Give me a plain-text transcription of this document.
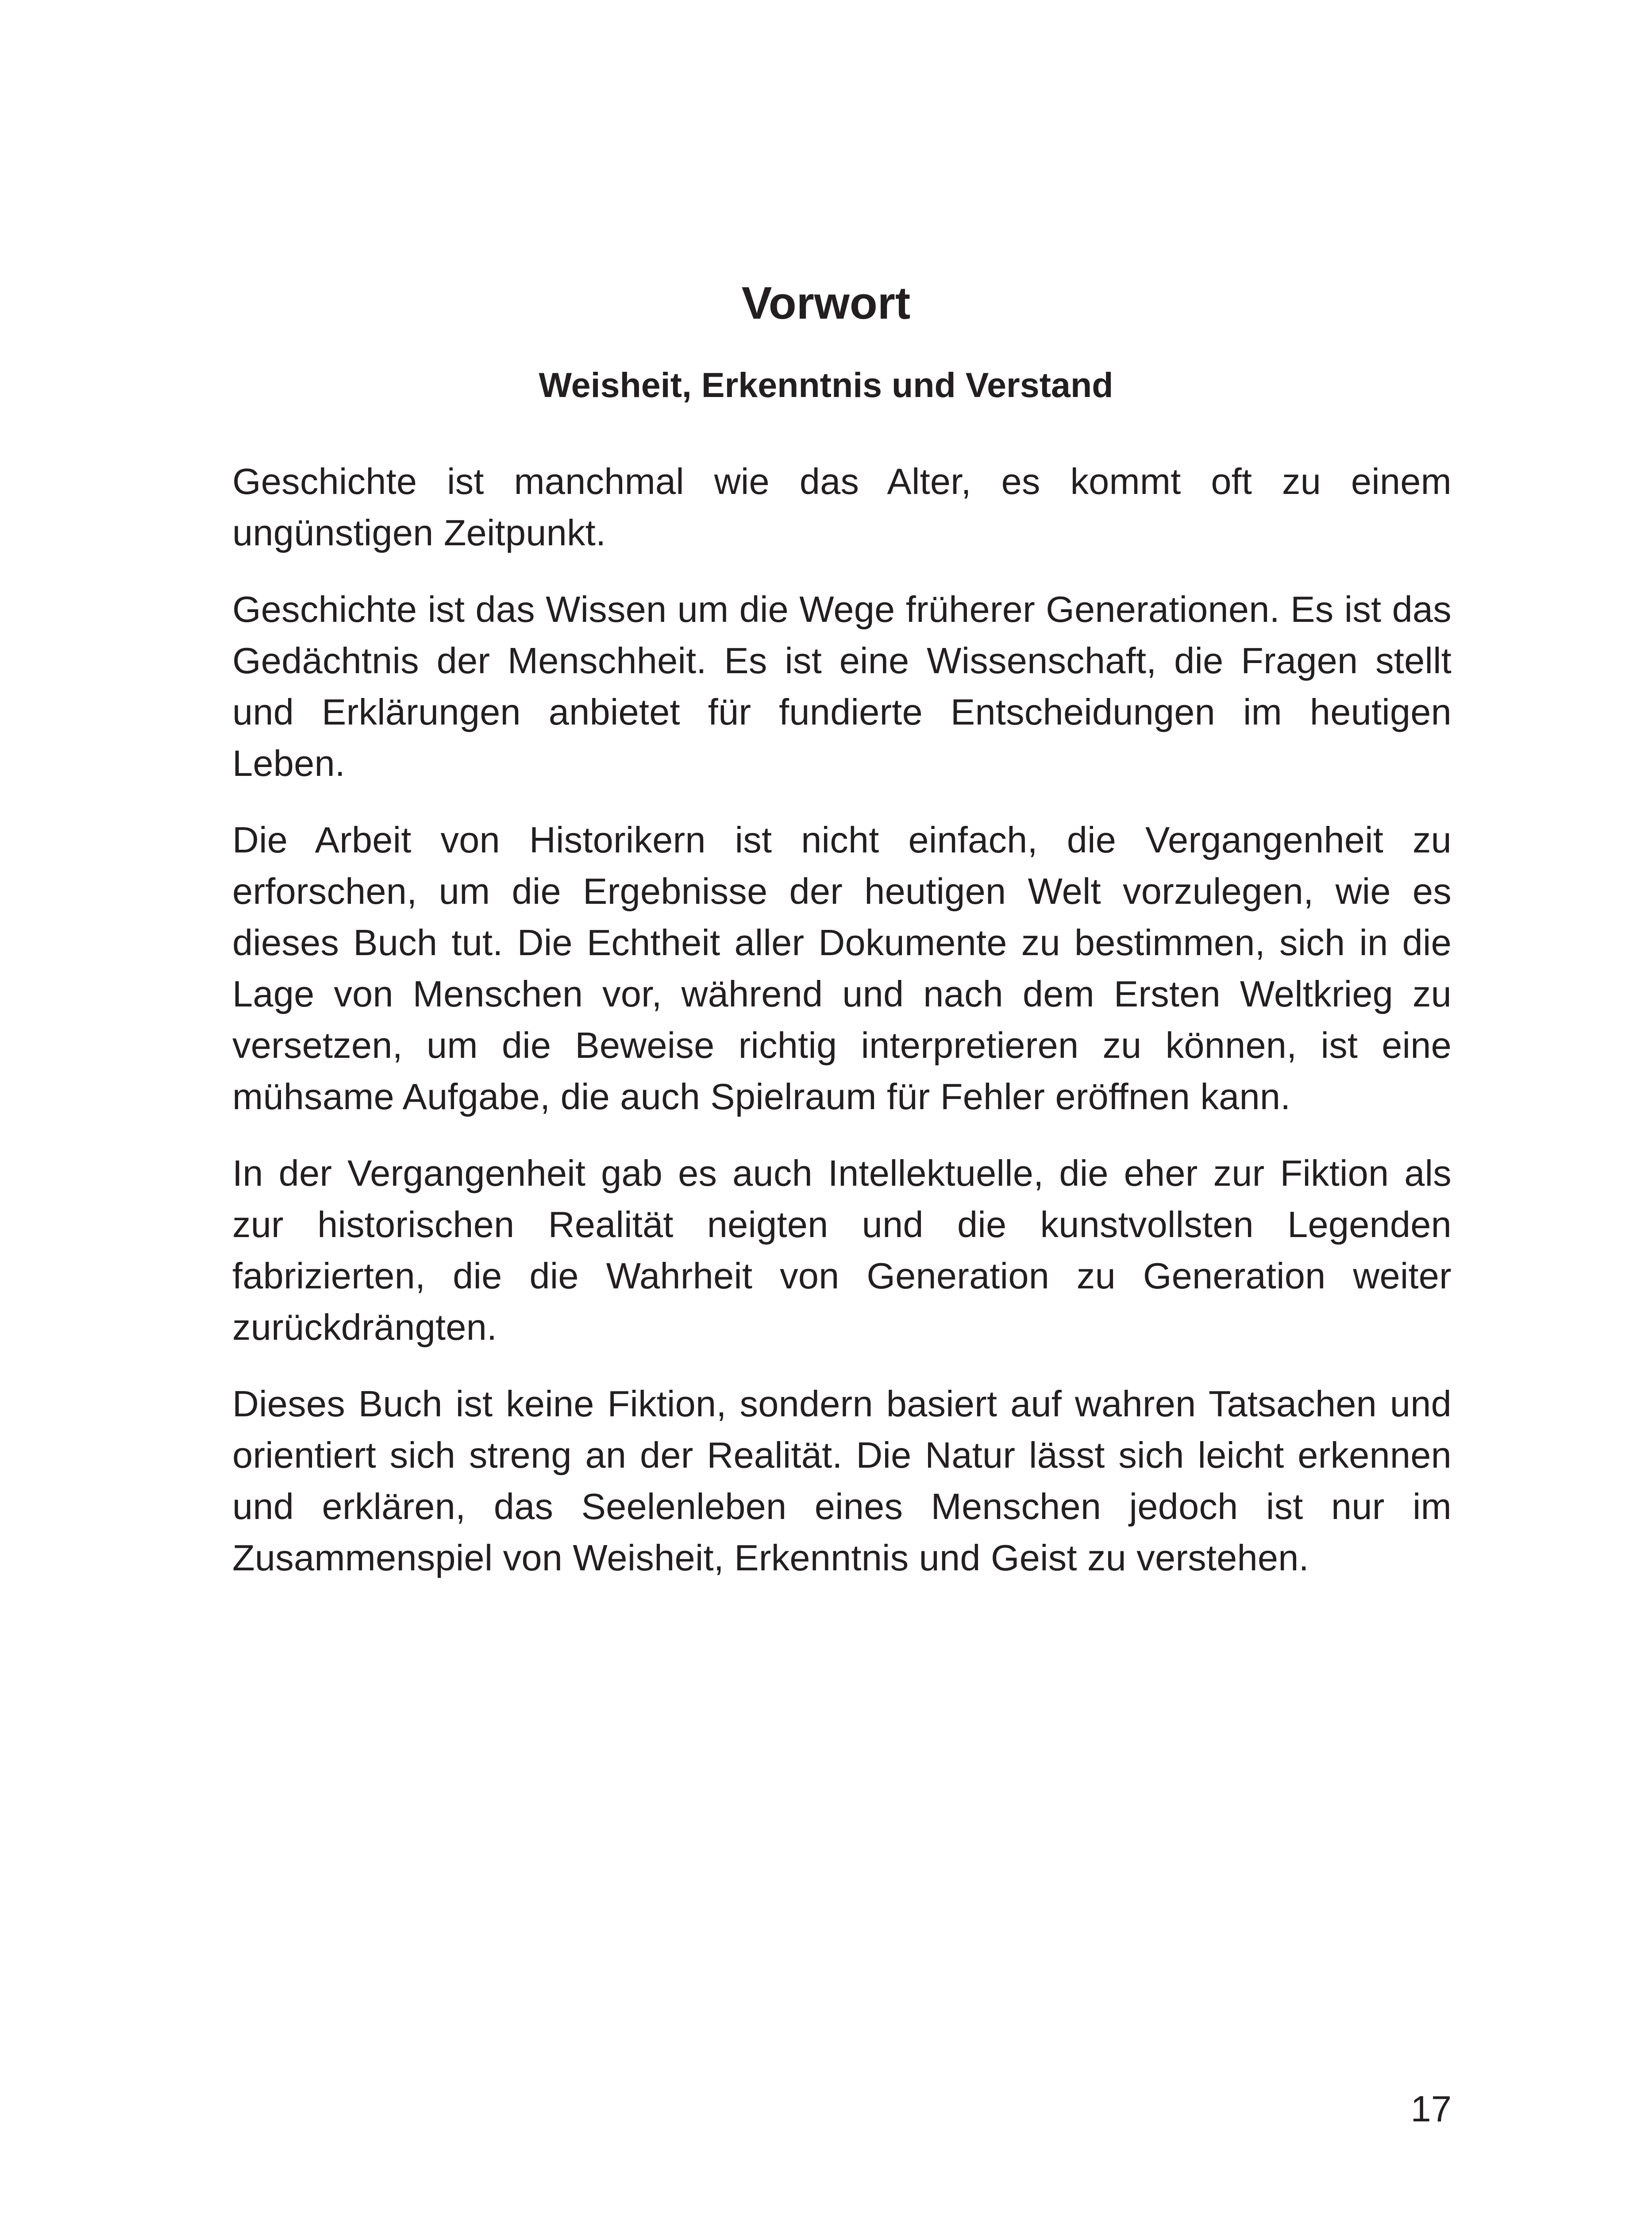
Vorwort
Weisheit, Erkenntnis und Verstand

Geschichte ist manchmal wie das Alter, es kommt oft zu einem ungünstigen Zeitpunkt.

Geschichte ist das Wissen um die Wege früherer Generationen. Es ist das Gedächtnis der Menschheit. Es ist eine Wissenschaft, die Fragen stellt und Erklärungen anbietet für fundierte Entscheidungen im heutigen Leben.

Die Arbeit von Historikern ist nicht einfach, die Vergangenheit zu erforschen, um die Ergebnisse der heutigen Welt vorzulegen, wie es dieses Buch tut. Die Echtheit aller Dokumente zu bestimmen, sich in die Lage von Menschen vor, während und nach dem Ersten Weltkrieg zu versetzen, um die Beweise richtig interpretieren zu können, ist eine mühsame Aufgabe, die auch Spielraum für Fehler eröffnen kann.

In der Vergangenheit gab es auch Intellektuelle, die eher zur Fiktion als zur historischen Realität neigten und die kunstvollsten Legenden fabrizierten, die die Wahrheit von Generation zu Generation weiter zurückdrängten.

Dieses Buch ist keine Fiktion, sondern basiert auf wahren Tatsachen und orientiert sich streng an der Realität. Die Natur lässt sich leicht erkennen und erklären, das Seelenleben eines Menschen jedoch ist nur im Zusammenspiel von Weisheit, Erkenntnis und Geist zu verstehen.

17
